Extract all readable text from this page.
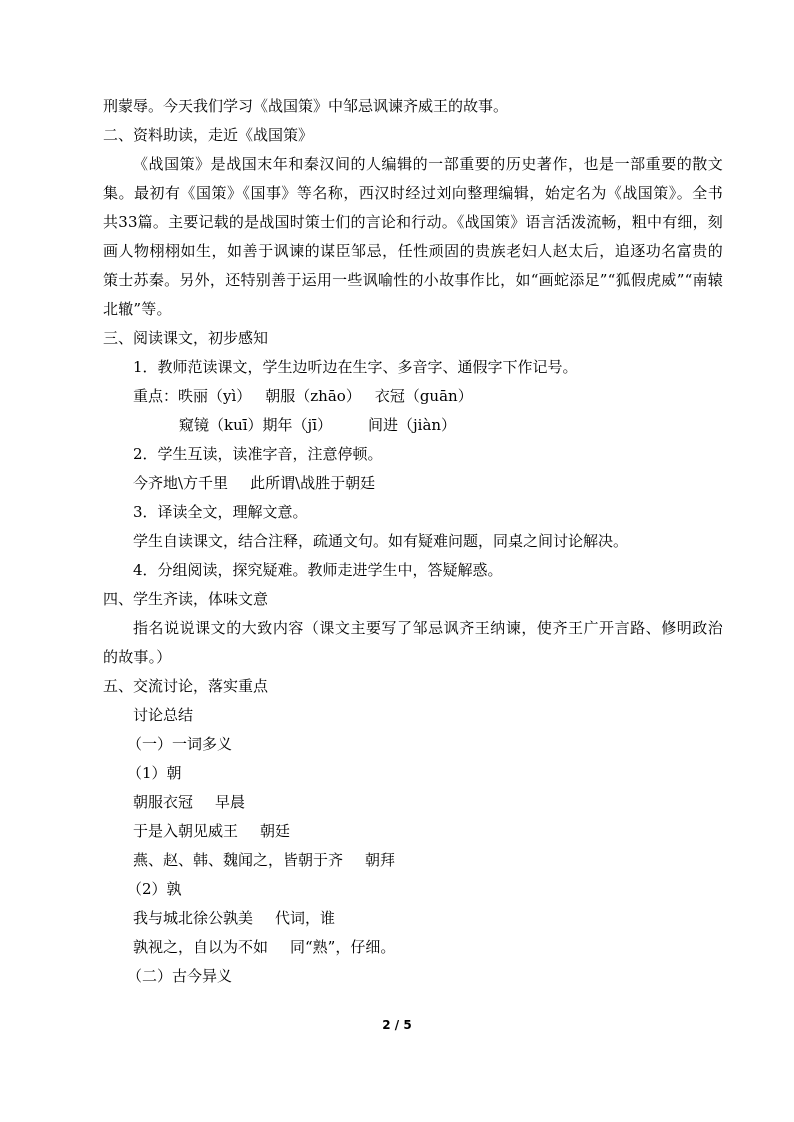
刑蒙辱。今天我们学习《战国策》中邹忌讽谏齐威王的故事。

二、资料助读，走近《战国策》

《战国策》是战国末年和秦汉间的人编辑的一部重要的历史著作，也是一部重要的散文集。最初有《国策》《国事》等名称，西汉时经过刘向整理编辑，始定名为《战国策》。全书共33篇。主要记载的是战国时策士们的言论和行动。《战国策》语言活泼流畅，粗中有细，刻画人物栩栩如生，如善于讽谏的谋臣邹忌，任性顽固的贵族老妇人赵太后，追逐功名富贵的策士苏秦。另外，还特别善于运用一些讽喻性的小故事作比，如“画蛇添足”“狐假虎威”“南辕北辙”等。

三、阅读课文，初步感知

1．教师范读课文，学生边听边在生字、多音字、通假字下作记号。

重点：昳丽（yì） 朝服（zhāo） 衣冠（guān）

窥镜（kuī）期年（jī） 间进（jiàn）

2．学生互读，读准字音，注意停顿。

今齐地\方千里 此所谓\战胜于朝廷

3．译读全文，理解文意。

学生自读课文，结合注释，疏通文句。如有疑难问题，同桌之间讨论解决。

4．分组阅读，探究疑难。教师走进学生中，答疑解惑。

四、学生齐读，体味文意

指名说说课文的大致内容（课文主要写了邹忌讽齐王纳谏，使齐王广开言路、修明政治的故事。）

五、交流讨论，落实重点

讨论总结

（一）一词多义

（1）朝

朝服衣冠 早晨

于是入朝见威王 朝廷

燕、赵、韩、魏闻之，皆朝于齐 朝拜

（2）孰

我与城北徐公孰美 代词，谁

孰视之，自以为不如 同“熟”，仔细。

（二）古今异义

2 / 5
